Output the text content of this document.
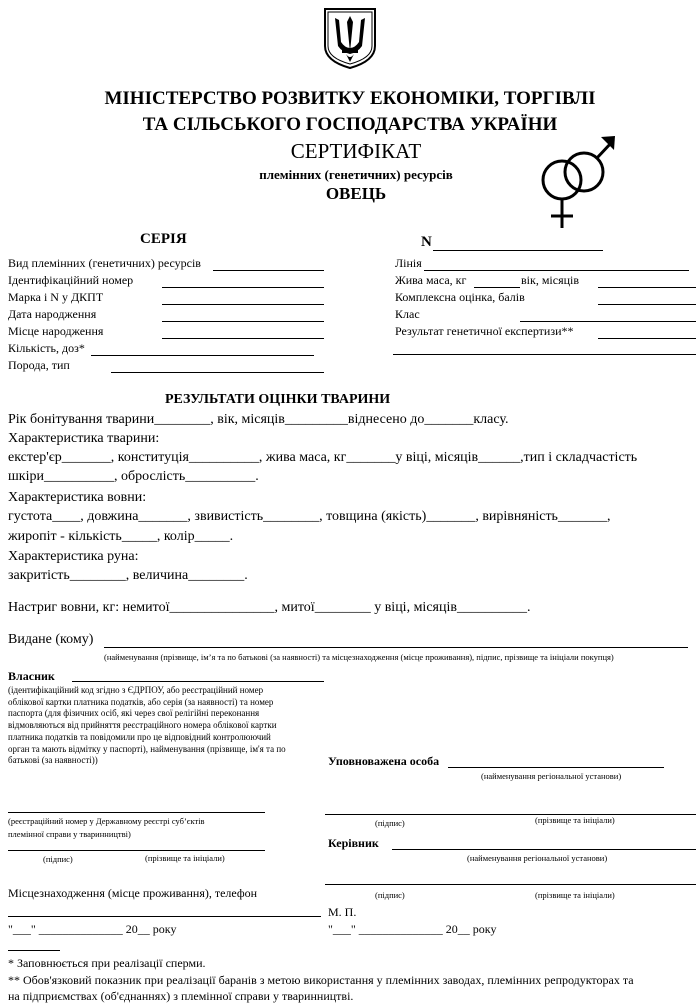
МІНІСТЕРСТВО РОЗВИТКУ ЕКОНОМІКИ, ТОРГІВЛІ
ТА СІЛЬСЬКОГО ГОСПОДАРСТВА УКРАЇНИ
СЕРТИФІКАТ
племінних (генетичних) ресурсів
ОВЕЦЬ
СЕРІЯ
Вид племінних (генетичних) ресурсів
Ідентифікаційний номер
Марка і N у ДКПТ
Дата народження
Місце народження
Кількість, доз*
Порода, тип
N
Лінія
Жива маса, кг	вік, місяців
Комплексна оцінка, балів
Клас
Результат генетичної експертизи**
РЕЗУЛЬТАТИ ОЦІНКИ ТВАРИНИ
Рік бонітування тварини________, вік, місяців_________віднесено до_______класу.
Характеристика тварини:
екстер'єр_______, конституція__________, жива маса, кг_______у віці, місяців______,тип і складчастість
шкіри__________, оброслість__________.
Характеристика вовни:
густота____, довжина_______, звивистість________, товщина (якість)_______, вирівняність_______,
жиропіт - кількість_____, колір_____.
Характеристика руна:
закритість________, величина________.
Настриг вовни, кг: немитої_______________, митої________ у віці, місяців__________.
Видане (кому)
(найменування (прізвище, ім’я та по батькові (за наявності) та місцезнаходження (місце проживання), підпис, прізвище та ініціали покупця)
Власник
(ідентифікаційний код згідно з ЄДРПОУ, або реєстраційний номер
облікової картки платника податків, або серія (за наявності) та номер
паспорта (для фізичних осіб, які через свої релігійні переконання
відмовляються від прийняття реєстраційного номера облікової картки
платника податків та повідомили про це відповідний контролюючий
орган та мають відмітку у паспорті), найменування (прізвище, ім'я та по
батькові (за наявності))	Уповноважена особа
(найменування регіональної установи)
(реєстраційний номер у Державному реєстрі суб’єктів
племінної справи у тваринництві)
(підпис)	(прізвище та ініціали)
Керівник
(найменування регіональної установи)
(підпис)	(прізвище та ініціали)
(підпис)	(прізвище та ініціали)
Місцезнаходження (місце проживання), телефон
М. П.
"___" ______________ 20__ року	"___" ______________ 20__ року
* Заповнюється при реалізації сперми.
** Обов'язковий показник при реалізації баранів з метою використання у племінних заводах, племінних репродукторах та
на підприємствах (об'єднаннях) з племінної справи у тваринництві.
